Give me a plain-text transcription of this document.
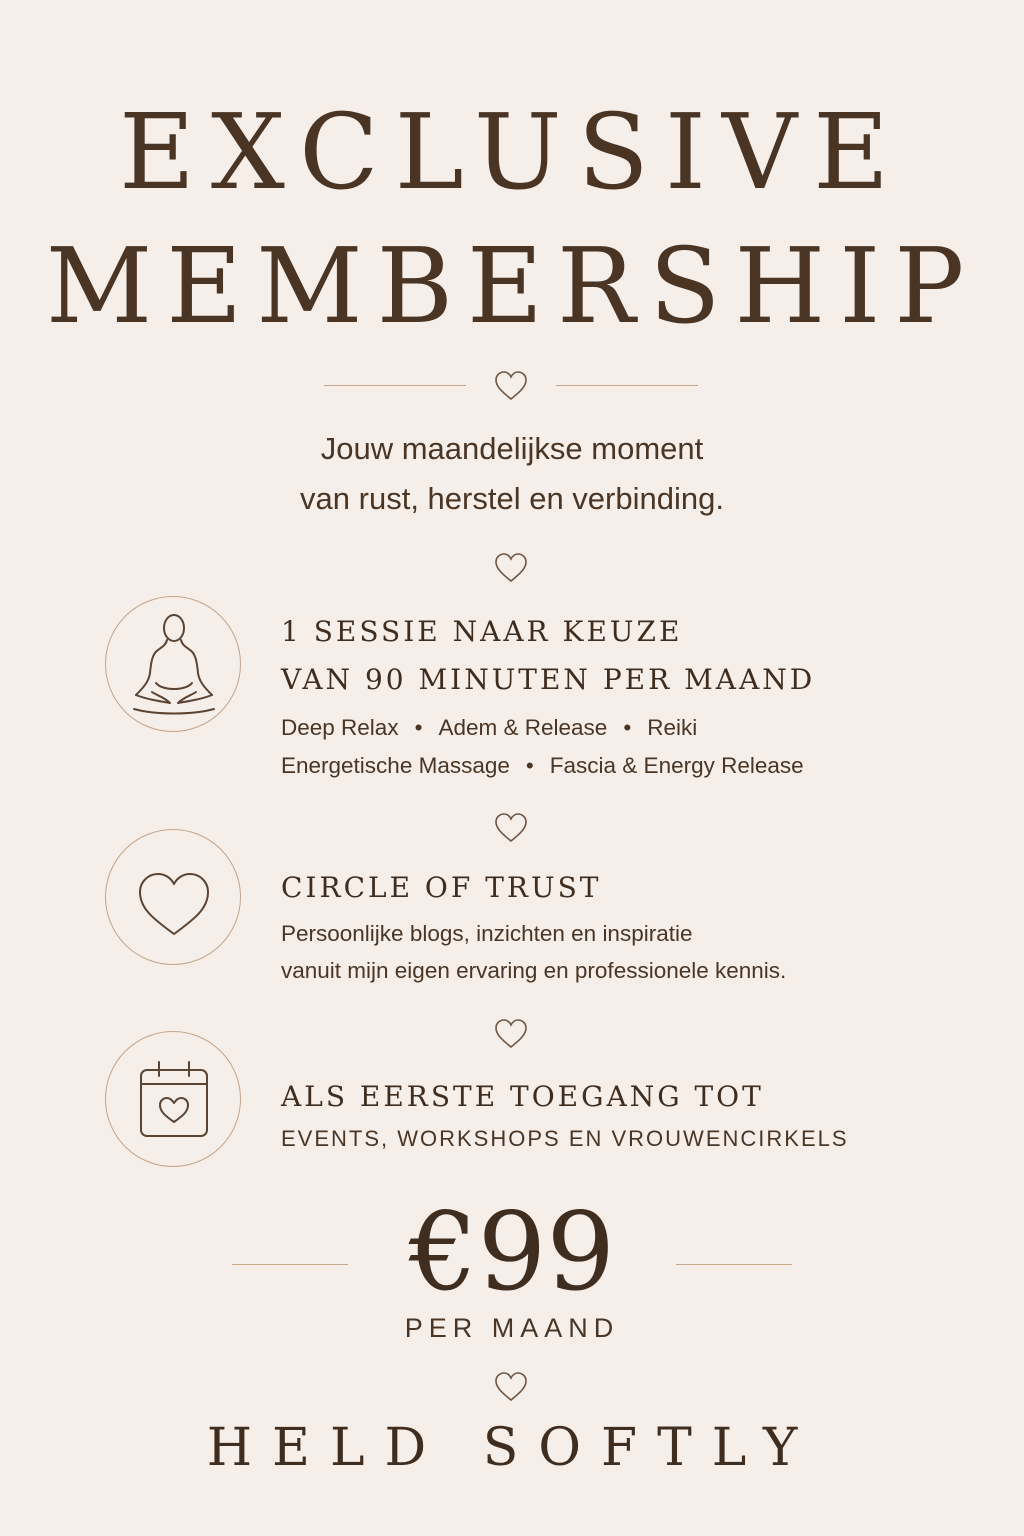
EXCLUSIVE
MEMBERSHIP
Jouw maandelijkse moment
van rust, herstel en verbinding.
1 SESSIE NAAR KEUZE
VAN 90 MINUTEN PER MAAND
Deep Relax • Adem & Release • Reiki
Energetische Massage • Fascia & Energy Release
CIRCLE OF TRUST
Persoonlijke blogs, inzichten en inspiratie
vanuit mijn eigen ervaring en professionele kennis.
ALS EERSTE TOEGANG TOT
EVENTS, WORKSHOPS EN VROUWENCIRKELS
€99
PER MAAND
HELD SOFTLY
